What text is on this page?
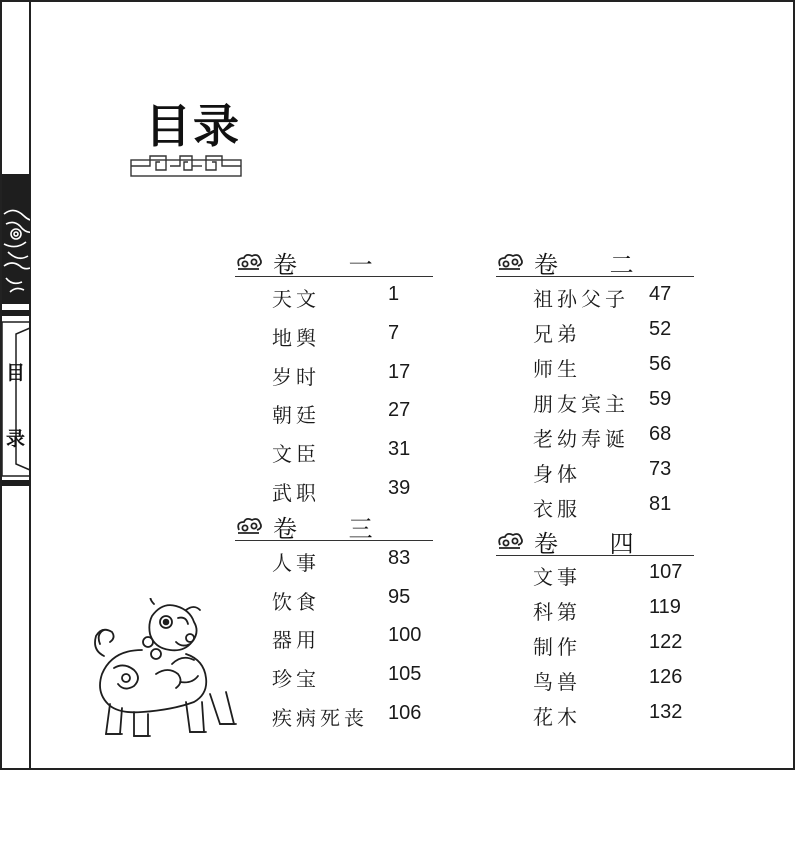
目
录
目录
卷 一
天文	1
地舆	7
岁时	17
朝廷	27
文臣	31
武职	39
卷 三
人事	83
饮食	95
器用	100
珍宝	105
疾病死丧 106
卷 二
祖孙父子 47
兄弟	52
师生	56
朋友宾主 59
老幼寿诞 68
身体	73
衣服	81
卷 四
文事	107
科第	119
制作	122
鸟兽	126
花木	132
